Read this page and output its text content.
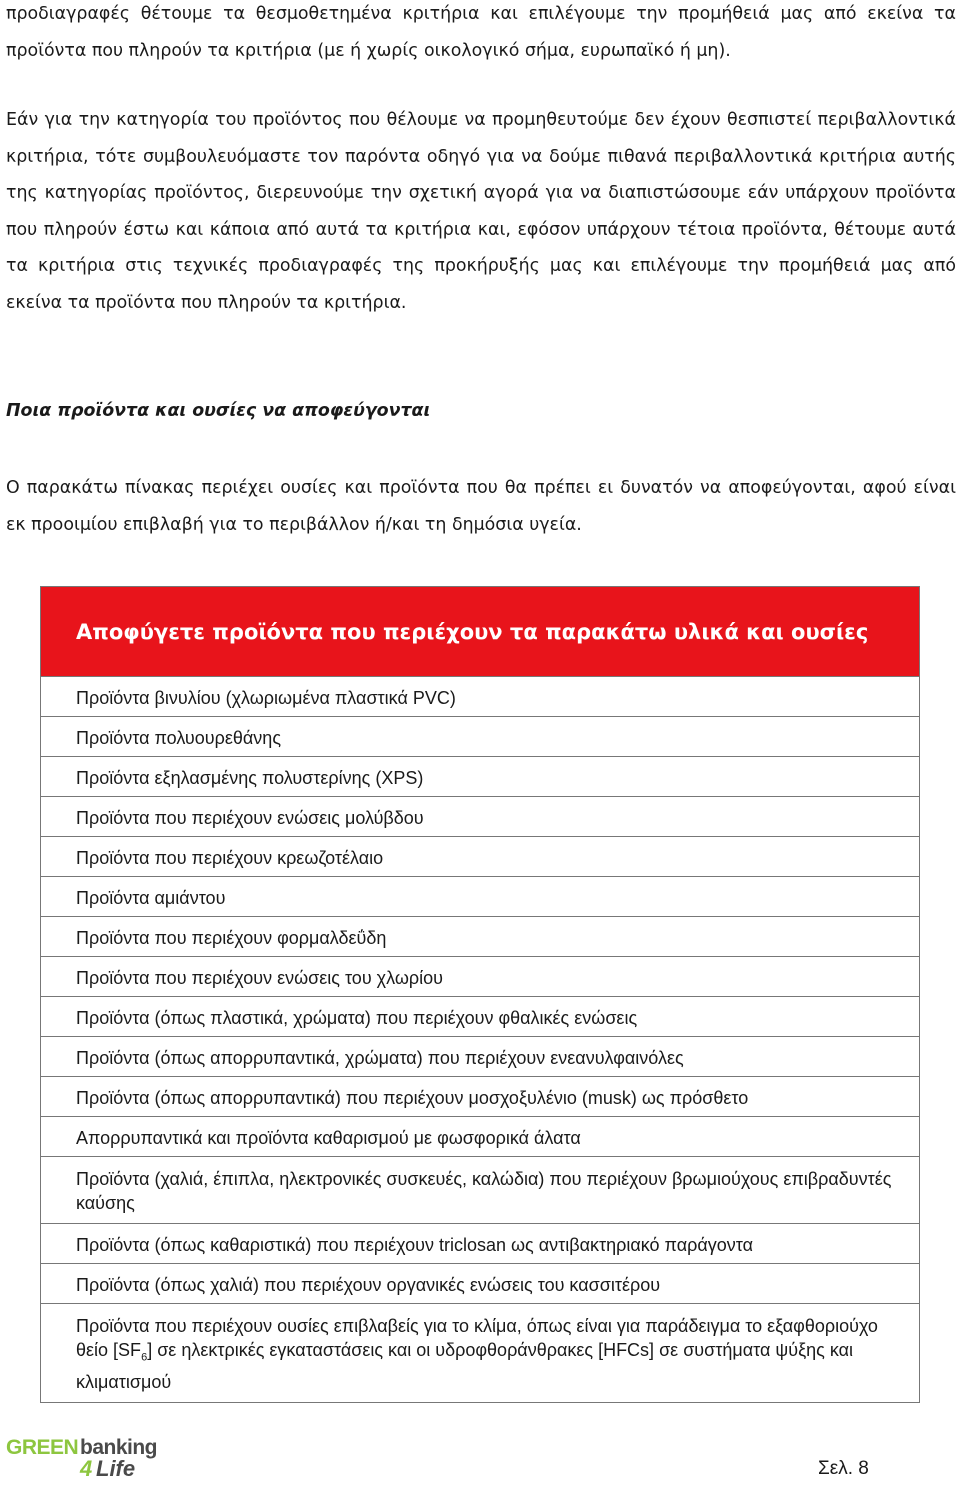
προδιαγραφές θέτουμε τα θεσμοθετημένα κριτήρια και επιλέγουμε την προμήθειά μας από εκείνα τα προϊόντα που πληρούν τα κριτήρια (με ή χωρίς οικολογικό σήμα, ευρωπαϊκό ή μη).

Εάν για την κατηγορία του προϊόντος που θέλουμε να προμηθευτούμε δεν έχουν θεσπιστεί περιβαλλοντικά κριτήρια, τότε συμβουλευόμαστε τον παρόντα οδηγό για να δούμε πιθανά περιβαλλοντικά κριτήρια αυτής της κατηγορίας προϊόντος, διερευνούμε την σχετική αγορά για να διαπιστώσουμε εάν υπάρχουν προϊόντα που πληρούν έστω και κάποια από αυτά τα κριτήρια και, εφόσον υπάρχουν τέτοια προϊόντα, θέτουμε αυτά τα κριτήρια στις τεχνικές προδιαγραφές της προκήρυξής μας και επιλέγουμε την προμήθειά μας από εκείνα τα προϊόντα που πληρούν τα κριτήρια.

Ποια προϊόντα και ουσίες να αποφεύγονται

Ο παρακάτω πίνακας περιέχει ουσίες και προϊόντα που θα πρέπει ει δυνατόν να αποφεύγονται, αφού είναι εκ προοιμίου επιβλαβή για το περιβάλλον ή/και τη δημόσια υγεία.

Αποφύγετε προϊόντα που περιέχουν τα παρακάτω υλικά και ουσίες
Προϊόντα βινυλίου (χλωριωμένα πλαστικά PVC)
Προϊόντα πολυουρεθάνης
Προϊόντα εξηλασμένης πολυστερίνης (XPS)
Προϊόντα που περιέχουν ενώσεις μολύβδου
Προϊόντα που περιέχουν κρεωζοτέλαιο
Προϊόντα αμιάντου
Προϊόντα που περιέχουν φορμαλδεΰδη
Προϊόντα που περιέχουν ενώσεις του χλωρίου
Προϊόντα (όπως πλαστικά, χρώματα) που περιέχουν φθαλικές ενώσεις
Προϊόντα (όπως απορρυπαντικά, χρώματα) που περιέχουν ενεανυλφαινόλες
Προϊόντα (όπως απορρυπαντικά) που περιέχουν μοσχοξυλένιο (musk) ως πρόσθετο
Απορρυπαντικά και προϊόντα καθαρισμού με φωσφορικά άλατα
Προϊόντα (χαλιά, έπιπλα, ηλεκτρονικές συσκευές, καλώδια) που περιέχουν βρωμιούχους επιβραδυντές καύσης
Προϊόντα (όπως καθαριστικά) που περιέχουν triclosan ως αντιβακτηριακό παράγοντα
Προϊόντα (όπως χαλιά) που περιέχουν οργανικές ενώσεις του κασσιτέρου
Προϊόντα που περιέχουν ουσίες επιβλαβείς για το κλίμα, όπως είναι για παράδειγμα το εξαφθοριούχο θείο $[SF_6]$ σε ηλεκτρικές εγκαταστάσεις και οι υδροφθοράνθρακες [HFCs] σε συστήματα ψύξης και κλιματισμού
GREEN banking
4 Life	Σελ. 8
